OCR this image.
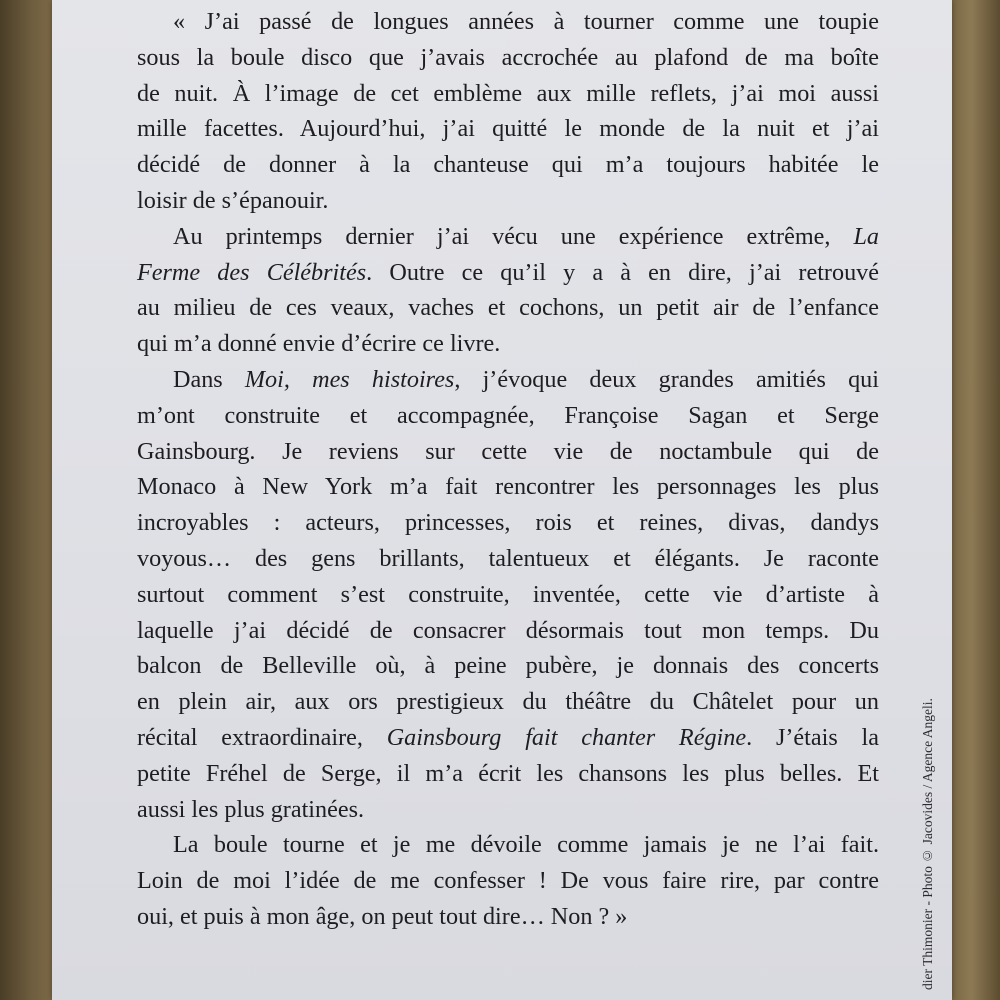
« J’ai passé de longues années à tourner comme une toupie
sous la boule disco que j’avais accrochée au plafond de ma boîte
de nuit. À l’image de cet emblème aux mille reflets, j’ai moi aussi
mille facettes. Aujourd’hui, j’ai quitté le monde de la nuit et j’ai
décidé de donner à la chanteuse qui m’a toujours habitée le
loisir de s’épanouir.
Au printemps dernier j’ai vécu une expérience extrême, La
Ferme des Célébrités. Outre ce qu’il y a à en dire, j’ai retrouvé
au milieu de ces veaux, vaches et cochons, un petit air de l’enfance
qui m’a donné envie d’écrire ce livre.
Dans Moi, mes histoires, j’évoque deux grandes amitiés qui
m’ont construite et accompagnée, Françoise Sagan et Serge
Gainsbourg. Je reviens sur cette vie de noctambule qui de
Monaco à New York m’a fait rencontrer les personnages les plus
incroyables : acteurs, princesses, rois et reines, divas, dandys
voyous… des gens brillants, talentueux et élégants. Je raconte
surtout comment s’est construite, inventée, cette vie d’artiste à
laquelle j’ai décidé de consacrer désormais tout mon temps. Du
balcon de Belleville où, à peine pubère, je donnais des concerts
en plein air, aux ors prestigieux du théâtre du Châtelet pour un
récital extraordinaire, Gainsbourg fait chanter Régine. J’étais la
petite Fréhel de Serge, il m’a écrit les chansons les plus belles. Et
aussi les plus gratinées.
La boule tourne et je me dévoile comme jamais je ne l’ai fait.
Loin de moi l’idée de me confesser ! De vous faire rire, par contre
oui, et puis à mon âge, on peut tout dire… Non ? »	dier Thimonier - Photo © Jacovides / Agence Angeli.
